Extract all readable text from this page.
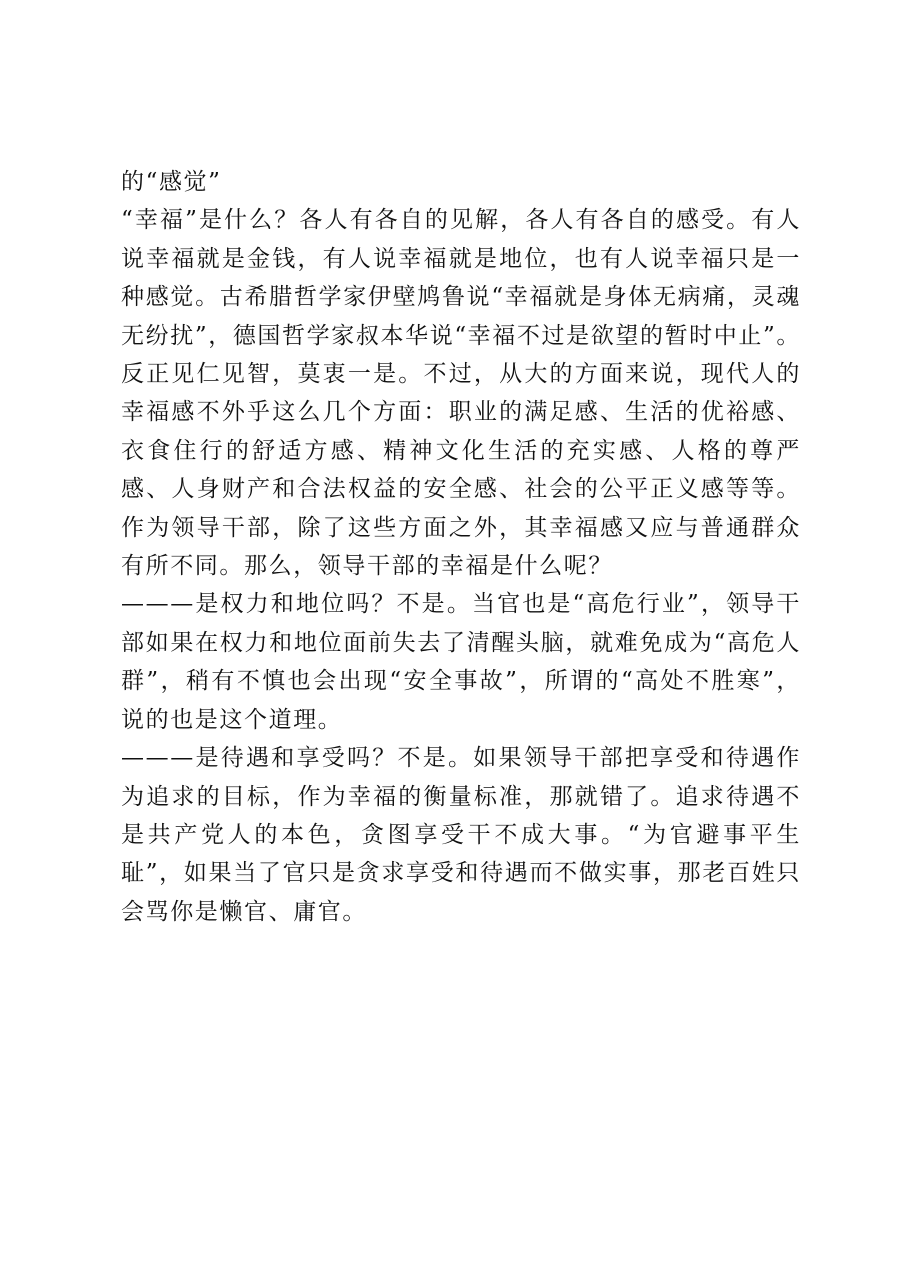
的“感觉”

“幸福”是什么？各人有各自的见解，各人有各自的感受。有人说幸福就是金钱，有人说幸福就是地位，也有人说幸福只是一种感觉。古希腊哲学家伊壁鸠鲁说“幸福就是身体无病痛，灵魂无纷扰”，德国哲学家叔本华说“幸福不过是欲望的暂时中止”。反正见仁见智，莫衷一是。不过，从大的方面来说，现代人的幸福感不外乎这么几个方面：职业的满足感、生活的优裕感、衣食住行的舒适方感、精神文化生活的充实感、人格的尊严感、人身财产和合法权益的安全感、社会的公平正义感等等。作为领导干部，除了这些方面之外，其幸福感又应与普通群众有所不同。那么，领导干部的幸福是什么呢？

———是权力和地位吗？不是。当官也是“高危行业”，领导干部如果在权力和地位面前失去了清醒头脑，就难免成为“高危人群”，稍有不慎也会出现“安全事故”，所谓的“高处不胜寒”，说的也是这个道理。

———是待遇和享受吗？不是。如果领导干部把享受和待遇作为追求的目标，作为幸福的衡量标准，那就错了。追求待遇不是共产党人的本色，贪图享受干不成大事。“为官避事平生耻”，如果当了官只是贪求享受和待遇而不做实事，那老百姓只会骂你是懒官、庸官。
